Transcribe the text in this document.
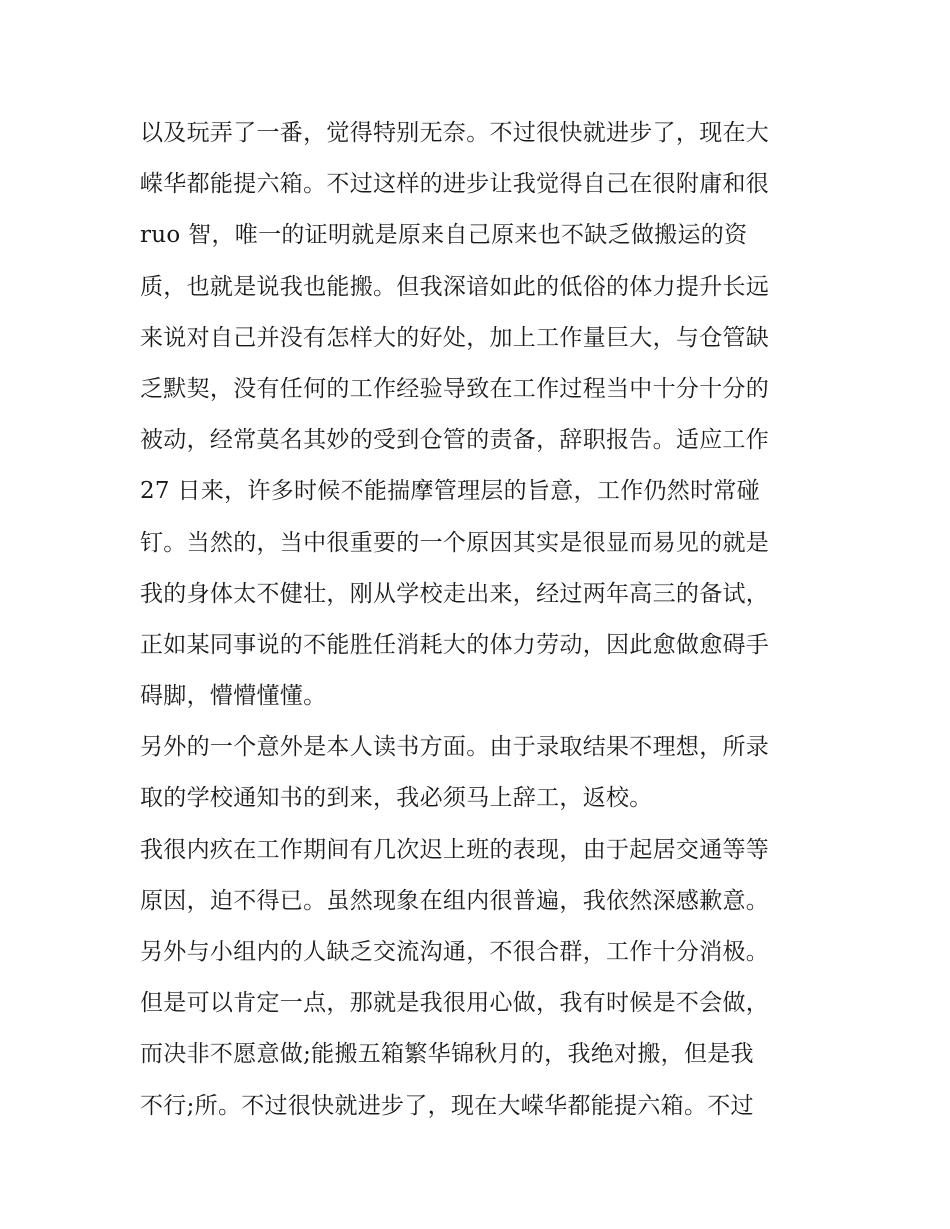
以及玩弄了一番，觉得特别无奈。不过很快就进步了，现在大
嵘华都能提六箱。不过这样的进步让我觉得自己在很附庸和很
ruo 智，唯一的证明就是原来自己原来也不缺乏做搬运的资
质，也就是说我也能搬。但我深谙如此的低俗的体力提升长远
来说对自己并没有怎样大的好处，加上工作量巨大，与仓管缺
乏默契，没有任何的工作经验导致在工作过程当中十分十分的
被动，经常莫名其妙的受到仓管的责备，辞职报告。适应工作
27 日来，许多时候不能揣摩管理层的旨意，工作仍然时常碰
钉。当然的，当中很重要的一个原因其实是很显而易见的就是
我的身体太不健壮，刚从学校走出来，经过两年高三的备试，
正如某同事说的不能胜任消耗大的体力劳动，因此愈做愈碍手
碍脚，懵懵懂懂。
另外的一个意外是本人读书方面。由于录取结果不理想，所录
取的学校通知书的到来，我必须马上辞工，返校。
我很内疚在工作期间有几次迟上班的表现，由于起居交通等等
原因，迫不得已。虽然现象在组内很普遍，我依然深感歉意。
另外与小组内的人缺乏交流沟通，不很合群，工作十分消极。
但是可以肯定一点，那就是我很用心做，我有时候是不会做，
而决非不愿意做;能搬五箱繁华锦秋月的，我绝对搬，但是我
不行;所。不过很快就进步了，现在大嵘华都能提六箱。不过
